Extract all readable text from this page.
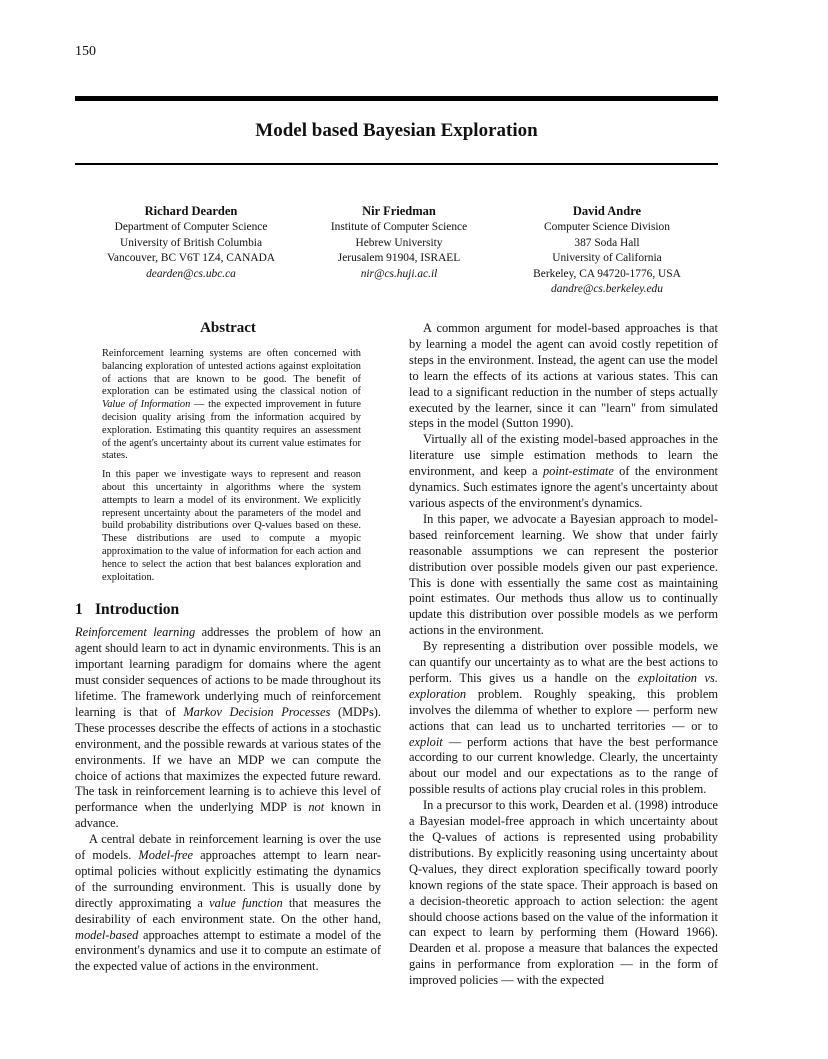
150
Model based Bayesian Exploration
Richard Dearden
Department of Computer Science
University of British Columbia
Vancouver, BC V6T 1Z4, CANADA
dearden@cs.ubc.ca
Nir Friedman
Institute of Computer Science
Hebrew University
Jerusalem 91904, ISRAEL
nir@cs.huji.ac.il
David Andre
Computer Science Division
387 Soda Hall
University of California
Berkeley, CA 94720-1776, USA
dandre@cs.berkeley.edu
Abstract

Reinforcement learning systems are often concerned with balancing exploration of untested actions against exploitation of actions that are known to be good. The benefit of exploration can be estimated using the classical notion of Value of Information — the expected improvement in future decision quality arising from the information acquired by exploration. Estimating this quantity requires an assessment of the agent's uncertainty about its current value estimates for states.

In this paper we investigate ways to represent and reason about this uncertainty in algorithms where the system attempts to learn a model of its environment. We explicitly represent uncertainty about the parameters of the model and build probability distributions over Q-values based on these. These distributions are used to compute a myopic approximation to the value of information for each action and hence to select the action that best balances exploration and exploitation.

1 Introduction

Reinforcement learning addresses the problem of how an agent should learn to act in dynamic environments. This is an important learning paradigm for domains where the agent must consider sequences of actions to be made throughout its lifetime. The framework underlying much of reinforcement learning is that of Markov Decision Processes (MDPs). These processes describe the effects of actions in a stochastic environment, and the possible rewards at various states of the environments. If we have an MDP we can compute the choice of actions that maximizes the expected future reward. The task in reinforcement learning is to achieve this level of performance when the underlying MDP is not known in advance.

A central debate in reinforcement learning is over the use of models. Model-free approaches attempt to learn near-optimal policies without explicitly estimating the dynamics of the surrounding environment. This is usually done by directly approximating a value function that measures the desirability of each environment state. On the other hand, model-based approaches attempt to estimate a model of the environment's dynamics and use it to compute an estimate of the expected value of actions in the environment.

A common argument for model-based approaches is that by learning a model the agent can avoid costly repetition of steps in the environment. Instead, the agent can use the model to learn the effects of its actions at various states. This can lead to a significant reduction in the number of steps actually executed by the learner, since it can "learn" from simulated steps in the model (Sutton 1990).

Virtually all of the existing model-based approaches in the literature use simple estimation methods to learn the environment, and keep a point-estimate of the environment dynamics. Such estimates ignore the agent's uncertainty about various aspects of the environment's dynamics.

In this paper, we advocate a Bayesian approach to model-based reinforcement learning. We show that under fairly reasonable assumptions we can represent the posterior distribution over possible models given our past experience. This is done with essentially the same cost as maintaining point estimates. Our methods thus allow us to continually update this distribution over possible models as we perform actions in the environment.

By representing a distribution over possible models, we can quantify our uncertainty as to what are the best actions to perform. This gives us a handle on the exploitation vs. exploration problem. Roughly speaking, this problem involves the dilemma of whether to explore — perform new actions that can lead us to uncharted territories — or to exploit — perform actions that have the best performance according to our current knowledge. Clearly, the uncertainty about our model and our expectations as to the range of possible results of actions play crucial roles in this problem.

In a precursor to this work, Dearden et al. (1998) introduce a Bayesian model-free approach in which uncertainty about the Q-values of actions is represented using probability distributions. By explicitly reasoning using uncertainty about Q-values, they direct exploration specifically toward poorly known regions of the state space. Their approach is based on a decision-theoretic approach to action selection: the agent should choose actions based on the value of the information it can expect to learn by performing them (Howard 1966). Dearden et al. propose a measure that balances the expected gains in performance from exploration — in the form of improved policies — with the expected
